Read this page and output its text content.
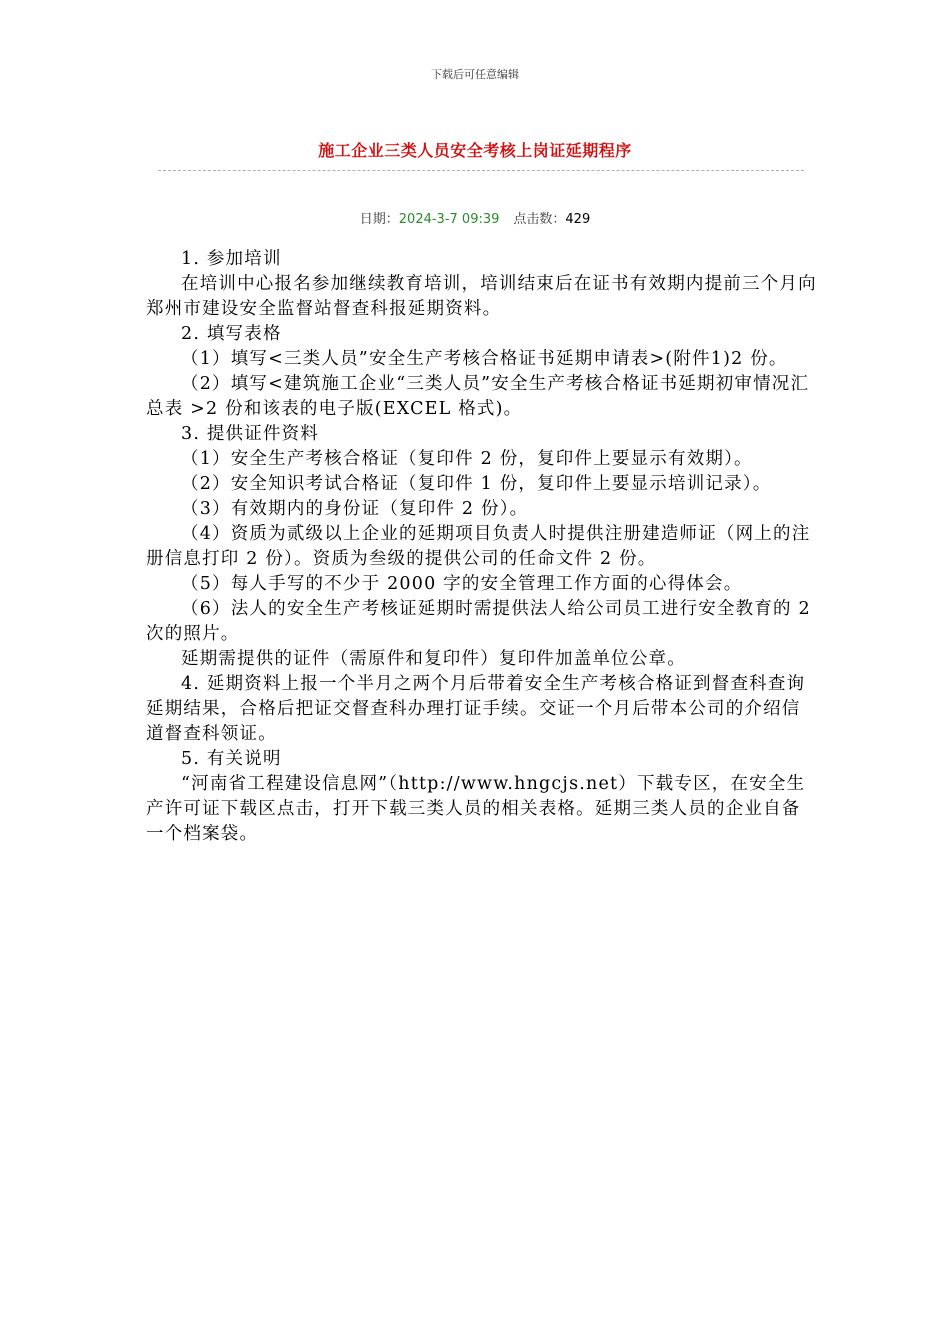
下载后可任意编辑
施工企业三类人员安全考核上岗证延期程序
日期：2024-3-7 09:39 点击数：429

1. 参加培训

在培训中心报名参加继续教育培训，培训结束后在证书有效期内提前三个月向郑州市建设安全监督站督查科报延期资料。

2. 填写表格

（1）填写<三类人员”安全生产考核合格证书延期申请表>(附件1)2 份。

（2）填写<建筑施工企业“三类人员”安全生产考核合格证书延期初审情况汇总表 >2 份和该表的电子版(EXCEL 格式)。

3. 提供证件资料

（1）安全生产考核合格证（复印件 2 份，复印件上要显示有效期）。

（2）安全知识考试合格证（复印件 1 份，复印件上要显示培训记录）。

（3）有效期内的身份证（复印件 2 份）。

（4）资质为贰级以上企业的延期项目负责人时提供注册建造师证（网上的注册信息打印 2 份）。资质为叁级的提供公司的任命文件 2 份。

（5）每人手写的不少于 2000 字的安全管理工作方面的心得体会。

（6）法人的安全生产考核证延期时需提供法人给公司员工进行安全教育的 2 次的照片。

延期需提供的证件（需原件和复印件）复印件加盖单位公章。

4. 延期资料上报一个半月之两个月后带着安全生产考核合格证到督查科查询延期结果，合格后把证交督查科办理打证手续。交证一个月后带本公司的介绍信道督查科领证。

5. 有关说明

“河南省工程建设信息网”（http://www.hngcjs.net）下载专区，在安全生产许可证下载区点击，打开下载三类人员的相关表格。延期三类人员的企业自备一个档案袋。
